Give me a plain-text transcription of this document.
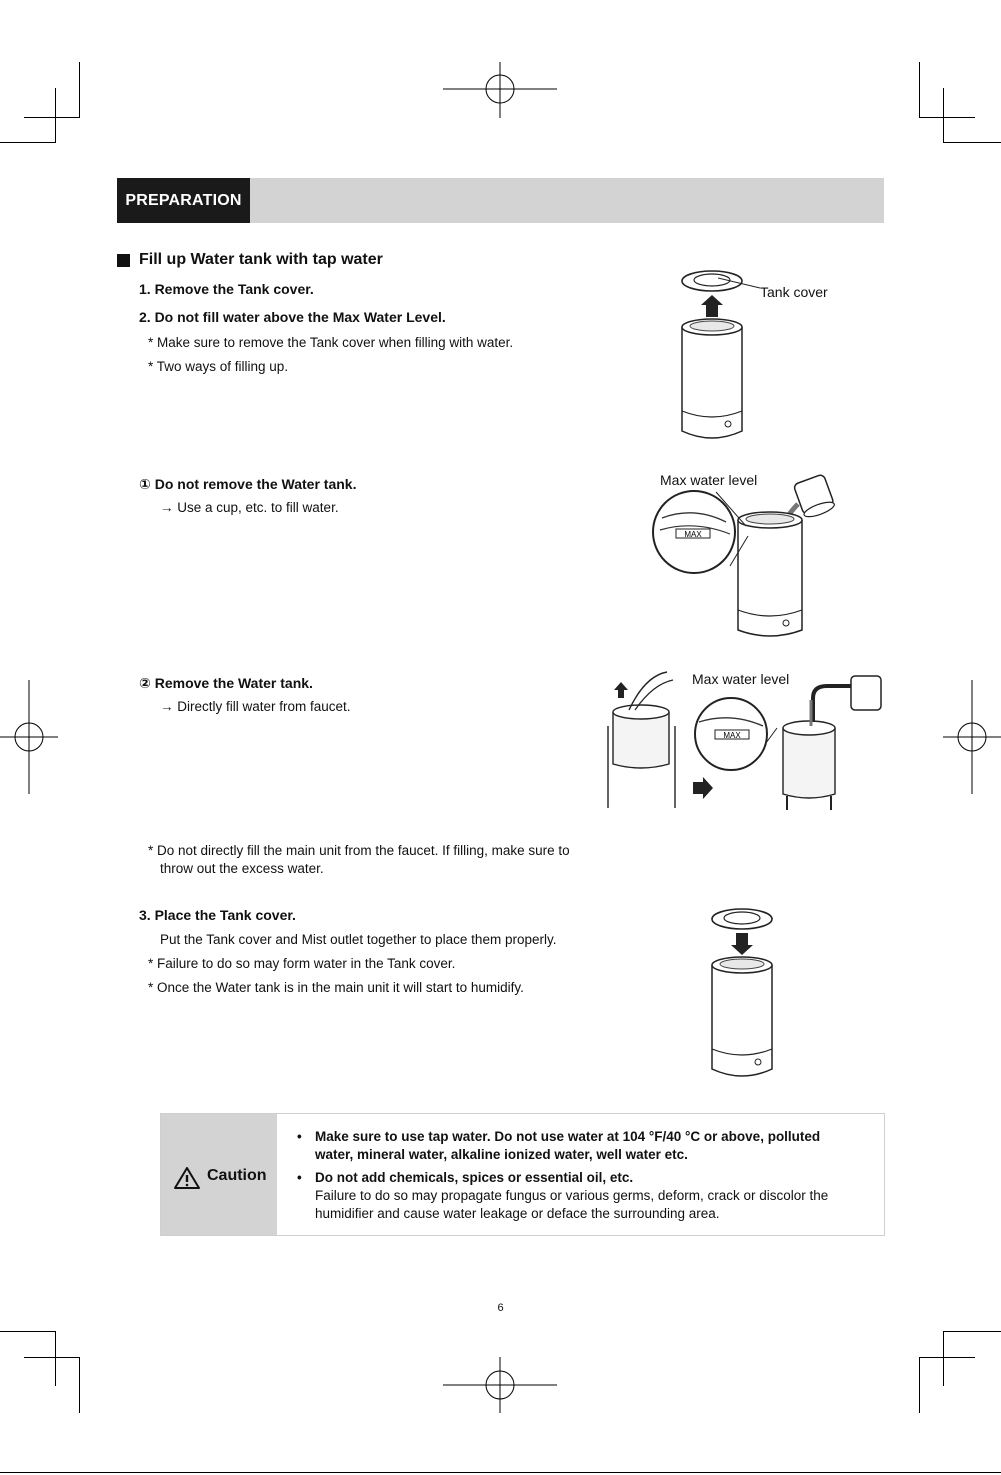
PREPARATION
Fill up Water tank with tap water
1. Remove the Tank cover.
2. Do not fill water above the Max Water Level.
* Make sure to remove the Tank cover when filling with water.
* Two ways of filling up.
① Do not remove the Water tank.
→ Use a cup, etc. to fill water.
② Remove the Water tank.
→ Directly fill water from faucet.
* Do not directly fill the main unit from the faucet. If filling, make sure to
throw out the excess water.
3. Place the Tank cover.
Put the Tank cover and Mist outlet together to place them properly.
* Failure to do so may form water in the Tank cover.
* Once the Water tank is in the main unit it will start to humidify.
Tank cover
Max water level
MAX
Max water level
MAX
Caution
• Make sure to use tap water. Do not use water at 104 °F/40 °C or above, polluted
water, mineral water, alkaline ionized water, well water etc.
• Do not add chemicals, spices or essential oil, etc.
Failure to do so may propagate fungus or various germs, deform, crack or discolor the
humidifier and cause water leakage or deface the surrounding area.
6
